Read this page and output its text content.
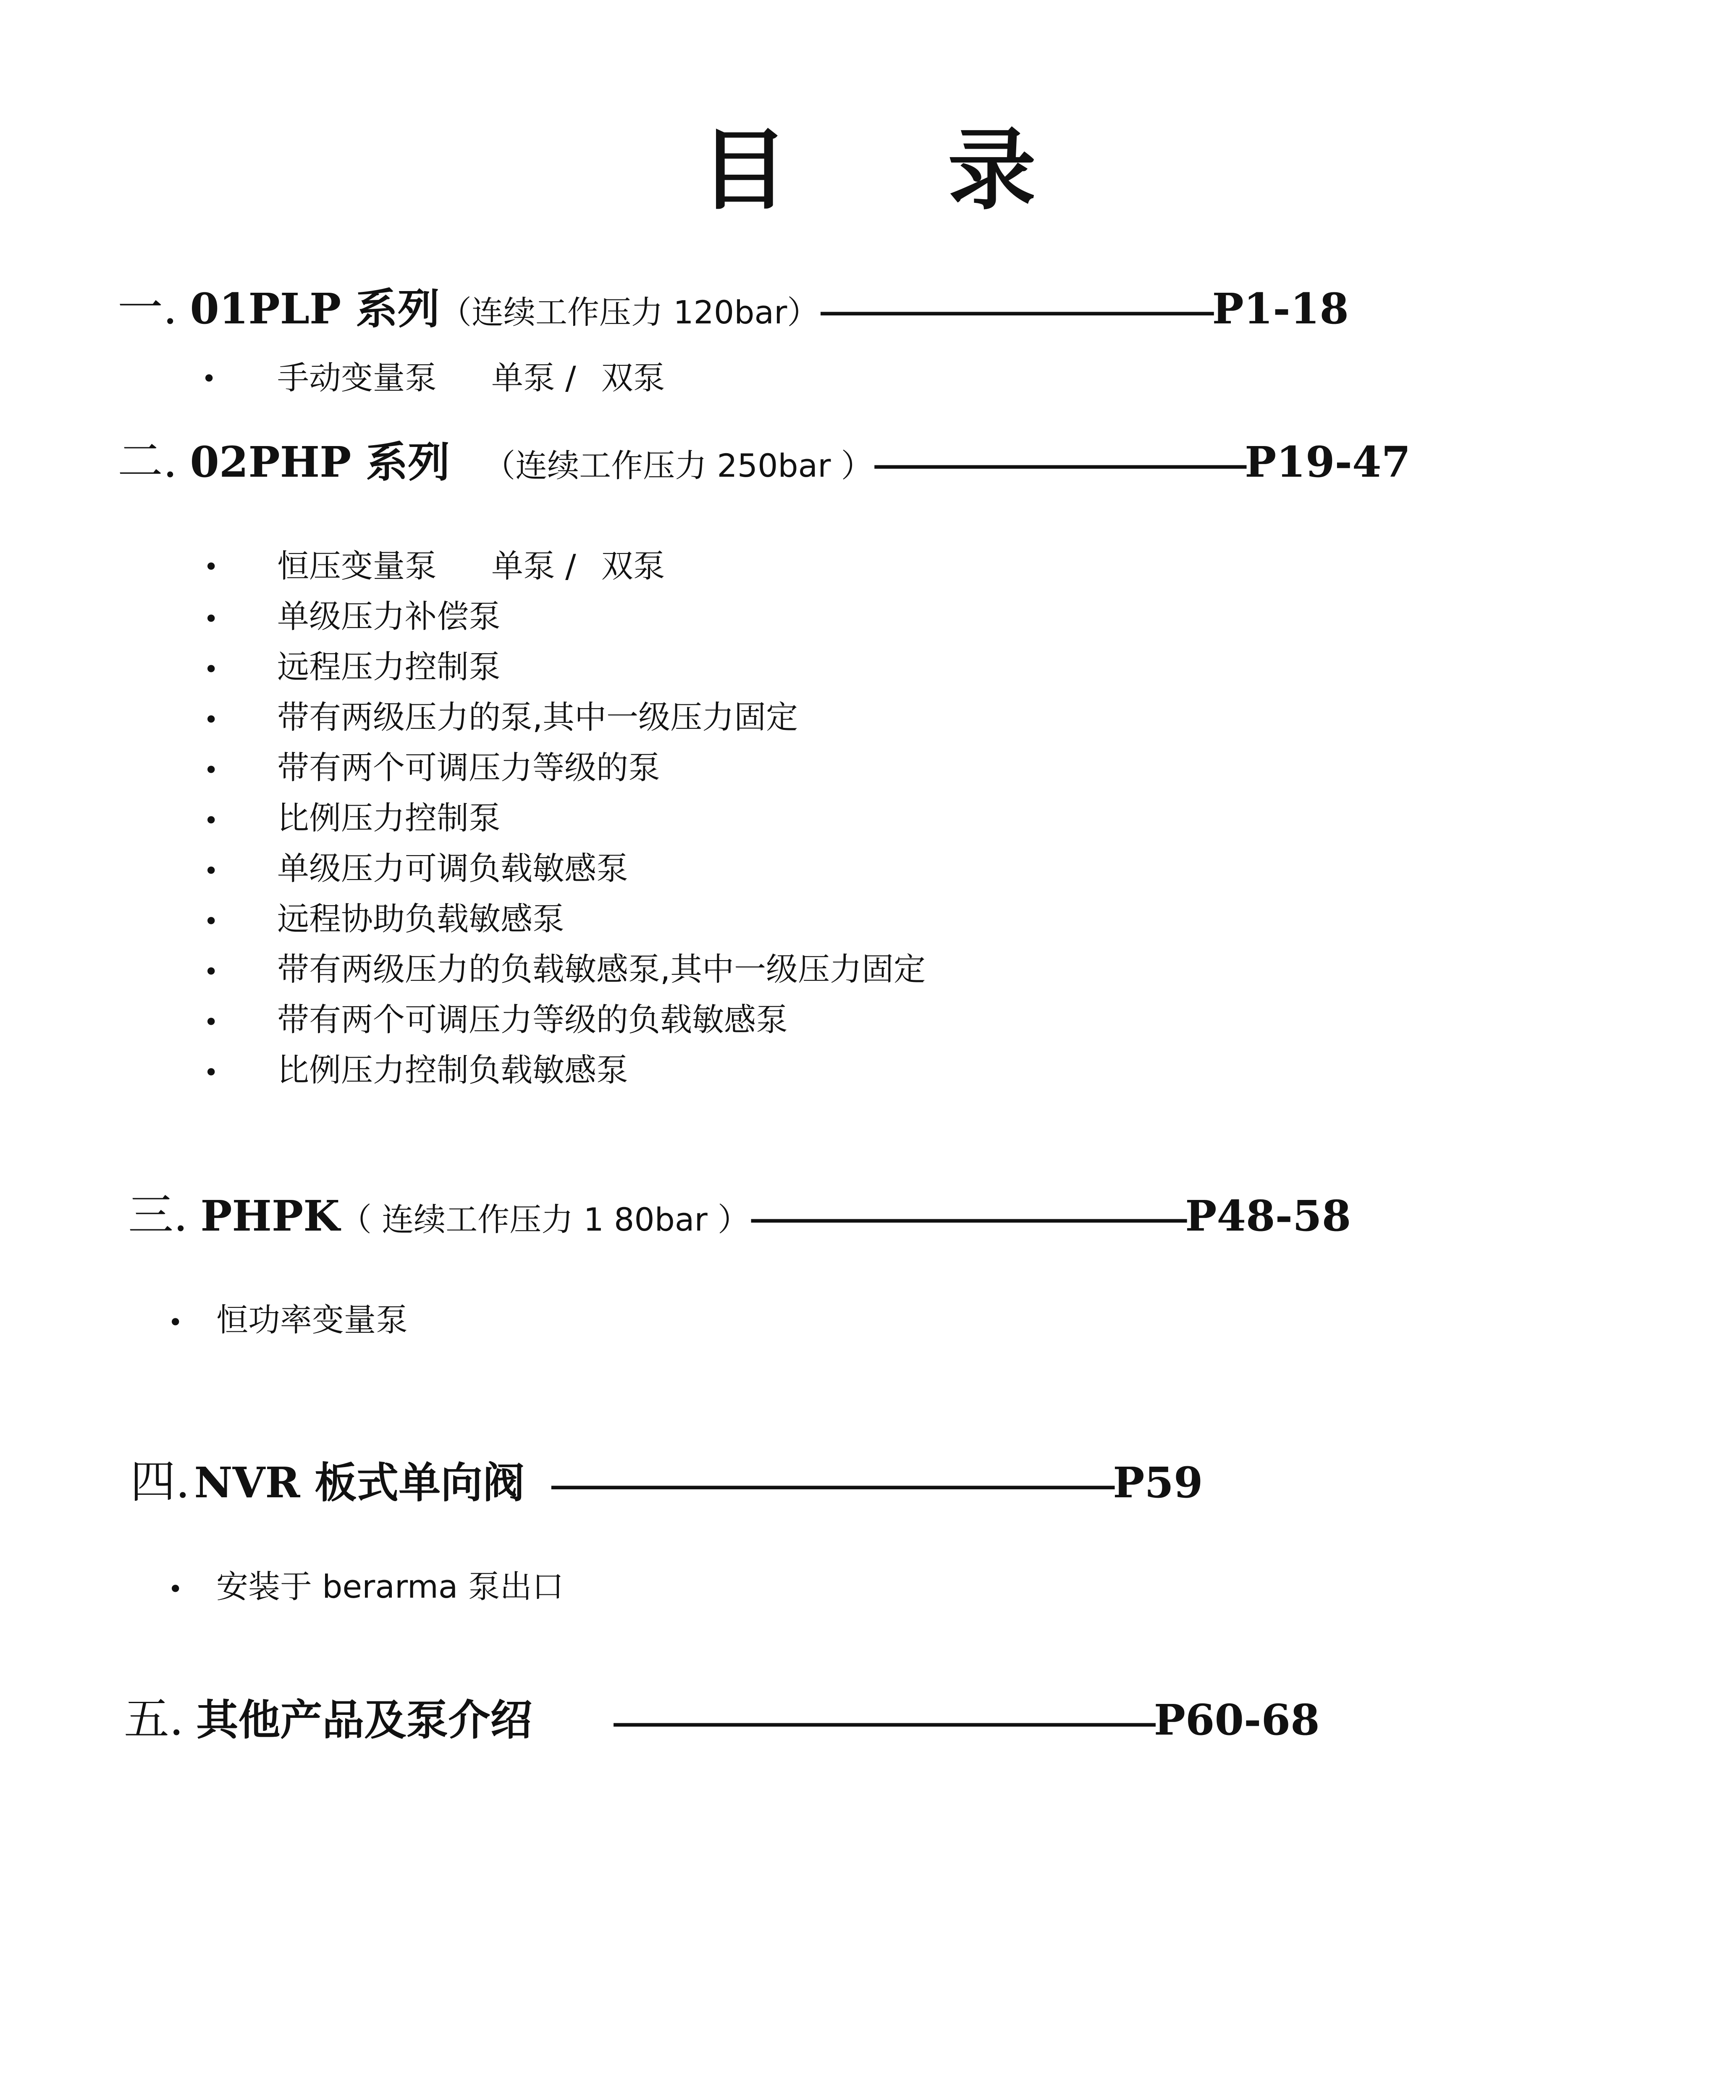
目 录
一. 01PLP 系列 （连续工作压力 120bar） ------------------------------------- P1-18
• 手动变量泵 单泵 / 双泵
二. 02PHP 系列 （连续工作压力 250bar ） ----------------------------------- P19-47
• 恒压变量泵 单泵 / 双泵
• 单级压力补偿泵
• 远程压力控制泵
• 带有两级压力的泵,其中一级压力固定
• 带有两个可调压力等级的泵
• 比例压力控制泵
• 单级压力可调负载敏感泵
• 远程协助负载敏感泵
• 带有两级压力的负载敏感泵,其中一级压力固定
• 带有两个可调压力等级的负载敏感泵
• 比例压力控制负载敏感泵
三. PHPK （ 连续工作压力 1 80bar ） ----------------------------------------- P48-58
• 恒功率变量泵
四. NVR 板式单向阀 ----------------------------------------------------- P59
• 安装于 berarma 泵出口
五. 其他产品及泵介绍 --------------------------------------------------- P60-68
